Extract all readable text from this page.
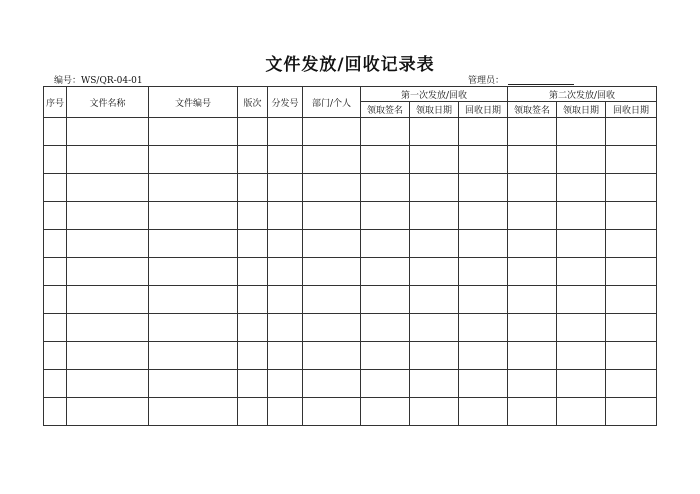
文件发放/回收记录表
编号：WS/QR-04-01	管理员：
序号	文件名称	文件编号	版次	分发号	部门/个人	第一次发放/回收			第二次发放/回收		
						领取签名	领取日期	回收日期	领取签名	领取日期	回收日期
